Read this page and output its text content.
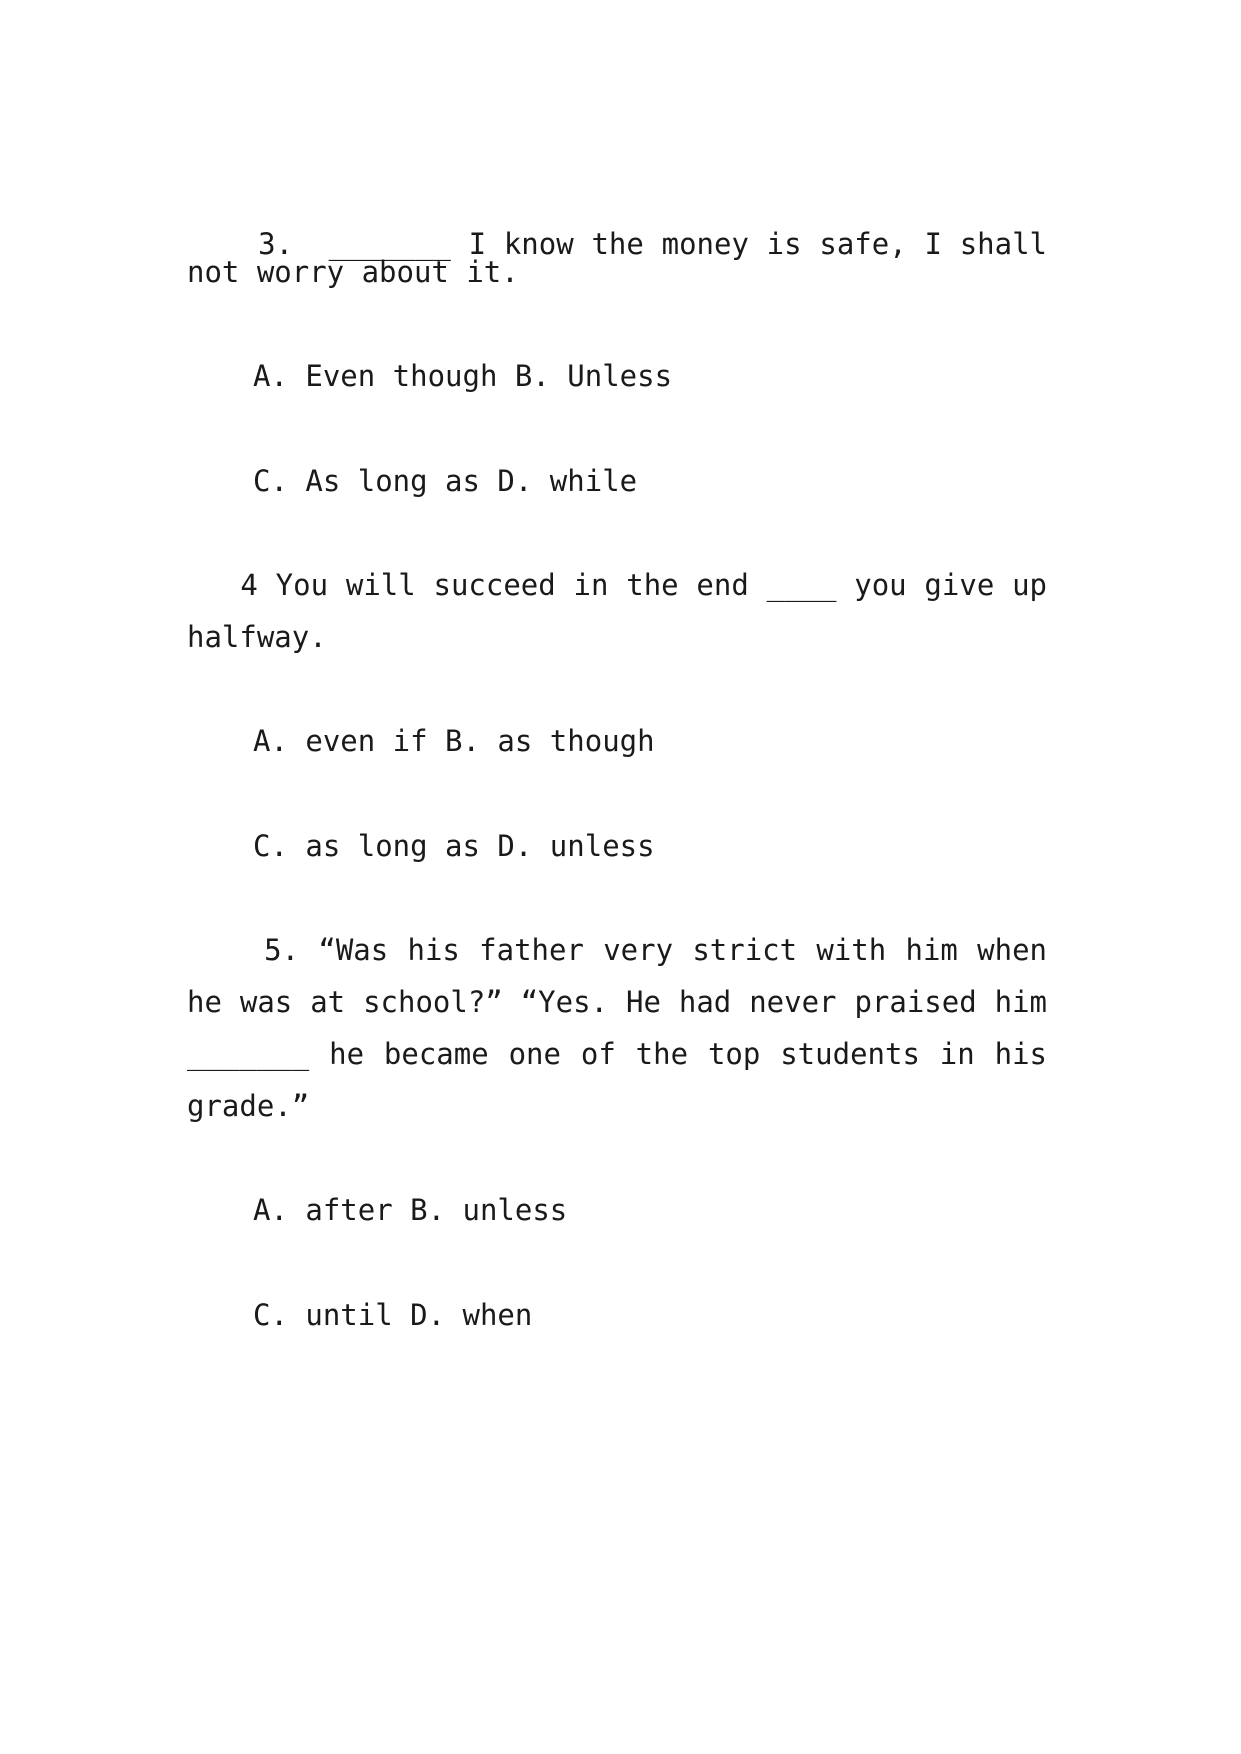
3.  _______ I know the money is safe, I shall
not worry about it.
A. Even though B. Unless
C. As long as D. while
4 You will succeed in the end ____ you give up
halfway.
A. even if B. as though
C. as long as D. unless
5. “Was his father very strict with him when
he was at school?” “Yes. He had never praised him
_______ he became one of the top students in his
grade.”
A. after B. unless
C. until D. when
